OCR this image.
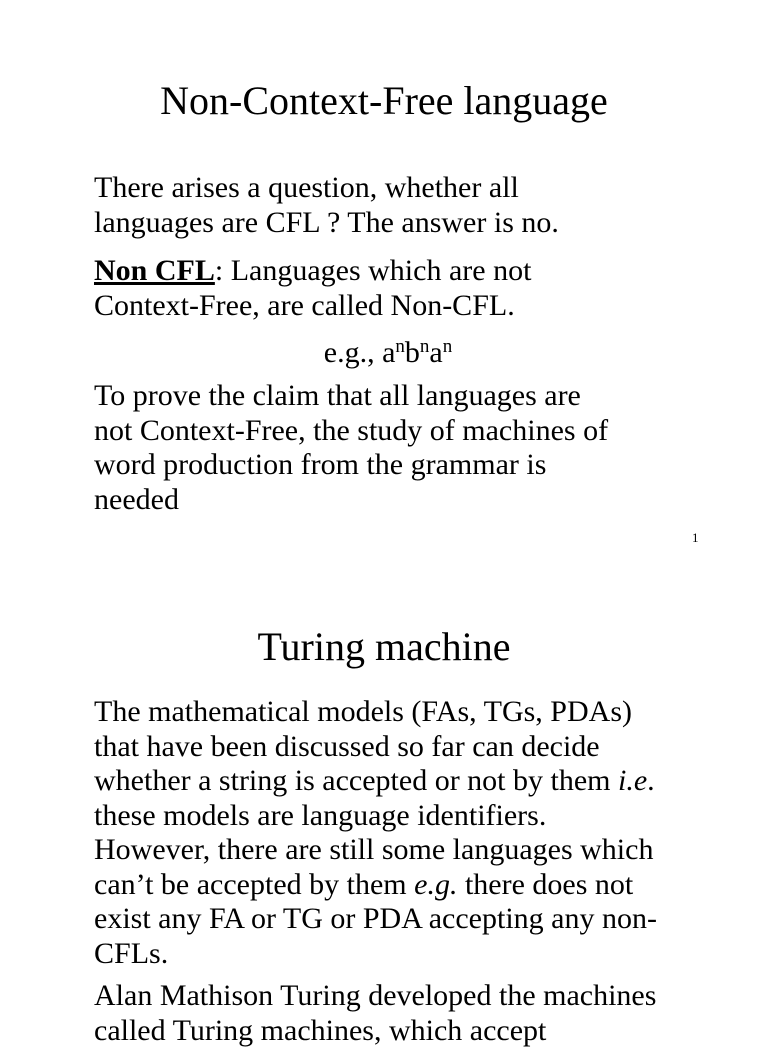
Non-Context-Free language
There arises a question, whether all
languages are CFL ? The answer is no.
Non CFL: Languages which are not
Context-Free, are called Non-CFL.
e.g., $a^nb^na^n$
To prove the claim that all languages are
not Context-Free, the study of machines of
word production from the grammar is
needed
1
Turing machine
The mathematical models (FAs, TGs, PDAs)
that have been discussed so far can decide
whether a string is accepted or not by them i.e.
these models are language identifiers.
However, there are still some languages which
can’t be accepted by them e.g. there does not
exist any FA or TG or PDA accepting any non-
CFLs.
Alan Mathison Turing developed the machines
called Turing machines, which accept
